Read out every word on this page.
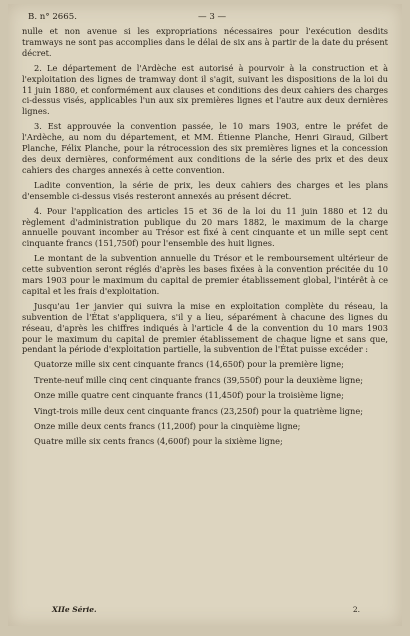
B. n° 2665.	— 3 —

nulle et non avenue si les expropriations nécessaires pour l'exécution desdits tramways ne sont pas accomplies dans le délai de six ans à partir de la date du présent décret.

2. Le département de l'Ardèche est autorisé à pourvoir à la construction et à l'exploitation des lignes de tramway dont il s'agit, suivant les dispositions de la loi du 11 juin 1880, et conformément aux clauses et conditions des deux cahiers des charges ci-dessus visés, applicables l'un aux six premières lignes et l'autre aux deux dernières lignes.

3. Est approuvée la convention passée, le 10 mars 1903, entre le préfet de l'Ardèche, au nom du département, et MM. Étienne Planche, Henri Giraud, Gilbert Planche, Félix Planche, pour la rétrocession des six premières lignes et la concession des deux dernières, conformément aux conditions de la série des prix et des deux cahiers des charges annexés à cette convention.

Ladite convention, la série de prix, les deux cahiers des charges et les plans d'ensemble ci-dessus visés resteront annexés au présent décret.

4. Pour l'application des articles 15 et 36 de la loi du 11 juin 1880 et 12 du règlement d'administration publique du 20 mars 1882, le maximum de la charge annuelle pouvant incomber au Trésor est fixé à cent cinquante et un mille sept cent cinquante francs (151,750f) pour l'ensemble des huit lignes.

Le montant de la subvention annuelle du Trésor et le remboursement ultérieur de cette subvention seront réglés d'après les bases fixées à la convention précitée du 10 mars 1903 pour le maximum du capital de premier établissement global, l'intérêt à ce capital et les frais d'exploitation.

Jusqu'au 1er janvier qui suivra la mise en exploitation complète du réseau, la subvention de l'État s'appliquera, s'il y a lieu, séparément à chacune des lignes du réseau, d'après les chiffres indiqués à l'article 4 de la convention du 10 mars 1903 pour le maximum du capital de premier établissement de chaque ligne et sans que, pendant la période d'exploitation partielle, la subvention de l'État puisse excéder :

Quatorze mille six cent cinquante francs (14,650f) pour la première ligne;

Trente-neuf mille cinq cent cinquante francs (39,550f) pour la deuxième ligne;

Onze mille quatre cent cinquante francs (11,450f) pour la troisième ligne;

Vingt-trois mille deux cent cinquante francs (23,250f) pour la quatrième ligne;

Onze mille deux cents francs (11,200f) pour la cinquième ligne;

Quatre mille six cents francs (4,600f) pour la sixième ligne;

XIIe Série.	2.
